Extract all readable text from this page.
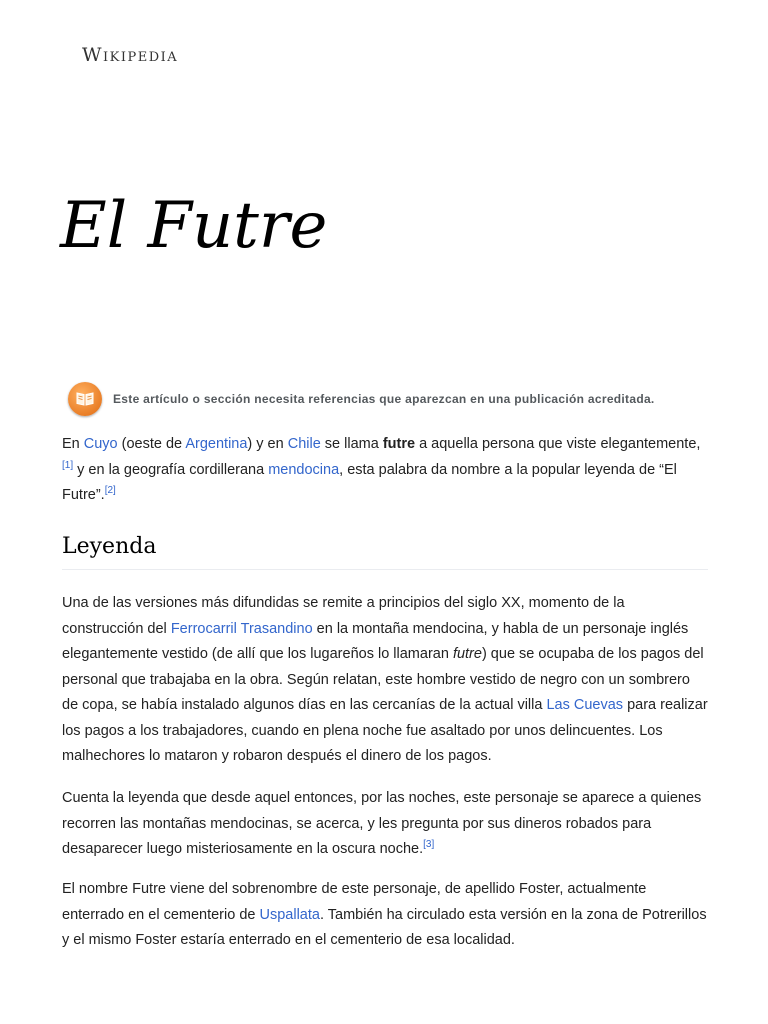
Wikipedia
El Futre
Este artículo o sección necesita referencias que aparezcan en una publicación acreditada.

En Cuyo (oeste de Argentina) y en Chile se llama futre a aquella persona que viste elegantemente,[1] y en la geografía cordillerana mendocina, esta palabra da nombre a la popular leyenda de “El Futre”.[2]

Leyenda

Una de las versiones más difundidas se remite a principios del siglo XX, momento de la construcción del Ferrocarril Trasandino en la montaña mendocina, y habla de un personaje inglés elegantemente vestido (de allí que los lugareños lo llamaran futre) que se ocupaba de los pagos del personal que trabajaba en la obra. Según relatan, este hombre vestido de negro con un sombrero de copa, se había instalado algunos días en las cercanías de la actual villa Las Cuevas para realizar los pagos a los trabajadores, cuando en plena noche fue asaltado por unos delincuentes. Los malhechores lo mataron y robaron después el dinero de los pagos.

Cuenta la leyenda que desde aquel entonces, por las noches, este personaje se aparece a quienes recorren las montañas mendocinas, se acerca, y les pregunta por sus dineros robados para desaparecer luego misteriosamente en la oscura noche.[3]

El nombre Futre viene del sobrenombre de este personaje, de apellido Foster, actualmente enterrado en el cementerio de Uspallata. También ha circulado esta versión en la zona de Potrerillos y el mismo Foster estaría enterrado en el cementerio de esa localidad.
